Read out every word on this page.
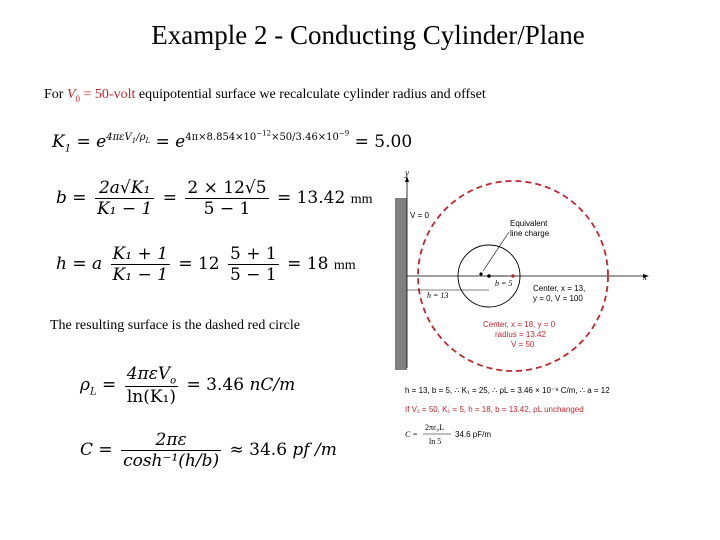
Example 2 - Conducting Cylinder/Plane
For $V_0$ = 50-volt equipotential surface we recalculate cylinder radius and offset
$K_1 = e^{4\pi\varepsilon V_1/\rho_L} = e^{4\pi\times 8.854\times 10^{-12}\times 50/3.46\times 10^{-9}} = 5.00$
$b = \frac{\text{2a√K₁}}{\text{K₁ − 1}} = \frac{2 \times 12√5}{5 - 1} = 13.42$ mm
h = a $\frac{\text{K₁ + 1}}{\text{K₁ − 1}} = 12 \frac{5 + 1}{5 - 1} = 18$ mm
The resulting surface is the dashed red circle
$\rho_L = \frac{4\pi\varepsilon V_o}{\text{ln(K₁)}} = 3.46$ nC/m
$C = \frac{2\pi\varepsilon}{\text{cosh⁻¹(h/b)}} \approx 34.6$ pf /m
y
x
V = 0
Equivalent
line charge
b = 5
h = 13
Center, x = 13,
y = 0, V = 100
Center, x = 18, y = 0
radius = 13.42
V = 50
h = 13, b = 5, ∴ K₁ = 25, ∴ ρL = 3.46 × 10⁻⁹ C/m, ∴ a = 12
If V₁ = 50, K₁ = 5, h = 18, b = 13.42, ρL unchanged
C =
2πε₀L
ln 5
34.6 pF/m
